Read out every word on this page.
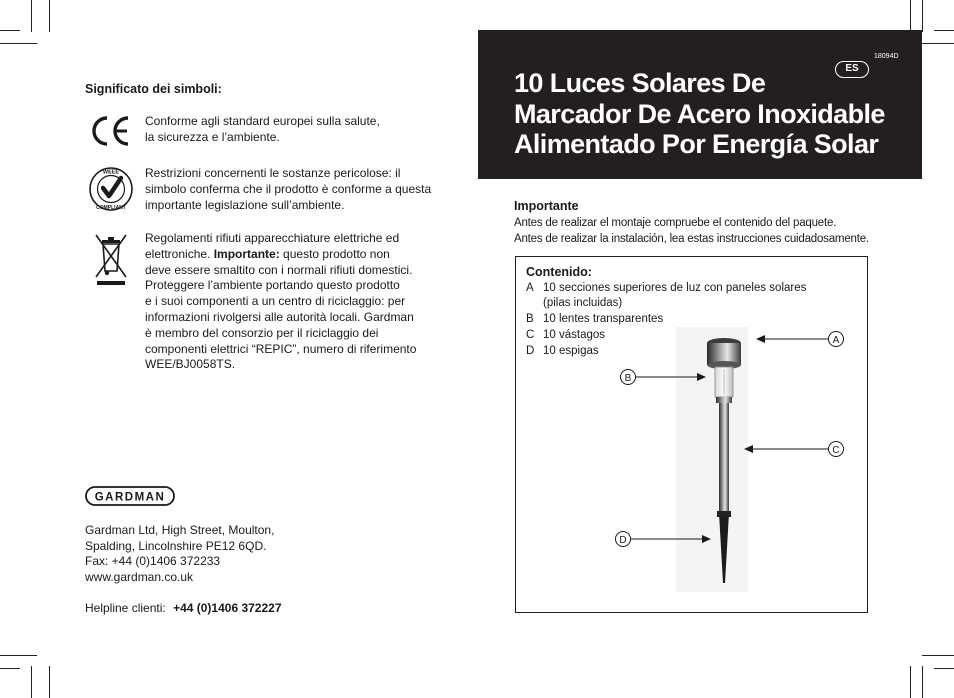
Significato dei simboli:
Conforme agli standard europei sulla salute,
la sicurezza e l’ambiente.
WEEE
COMPLIANT
Restrizioni concernenti le sostanze pericolose: il
simbolo conferma che il prodotto è conforme a questa
importante legislazione sull’ambiente.
Regolamenti rifiuti apparecchiature elettriche ed
elettroniche. Importante: questo prodotto non
deve essere smaltito con i normali rifiuti domestici.
Proteggere l’ambiente portando questo prodotto
e i suoi componenti a un centro di riciclaggio: per
informazioni rivolgersi alle autorità locali. Gardman
è membro del consorzio per il riciclaggio dei
componenti elettrici “REPIC”, numero di riferimento
WEE/BJ0058TS.
GARDMAN
Gardman Ltd, High Street, Moulton,
Spalding, Lincolnshire PE12 6QD.
Fax: +44 (0)1406 372233
www.gardman.co.uk
Helpline clienti: +44 (0)1406 372227
18094D
ES
10 Luces Solares De
Marcador De Acero Inoxidable
Alimentado Por Energía Solar
Importante
Antes de realizar el montaje compruebe el contenido del paquete.
Antes de realizar la instalación, lea estas instrucciones cuidadosamente.
A
B
C
D
Contenido:
A 10 secciones superiores de luz con paneles solares
(pilas incluidas)
B 10 lentes transparentes
C 10 vástagos
D 10 espigas
